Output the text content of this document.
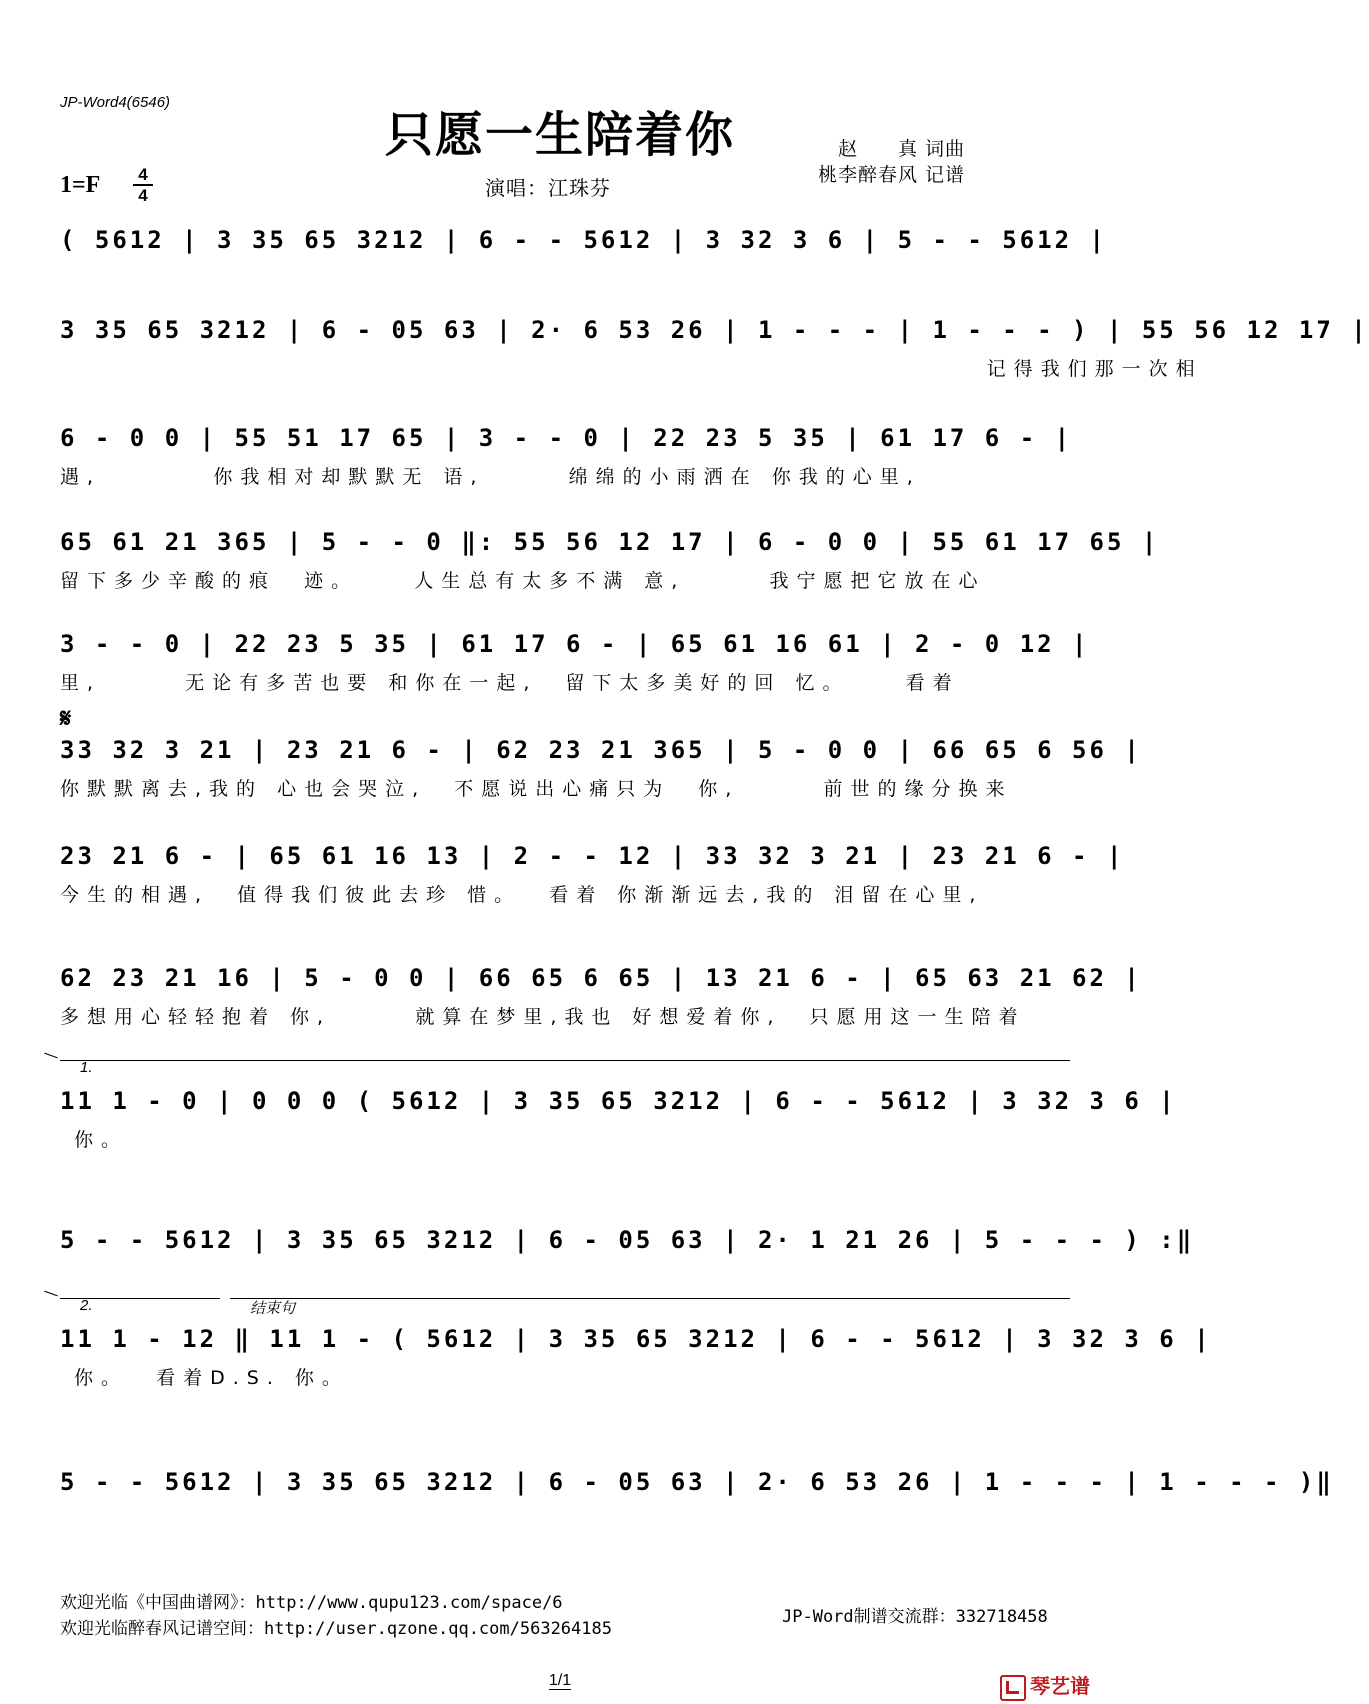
JP-Word4(6546)
只愿一生陪着你	赵　　真 词曲
桃李醉春风 记谱
1=F	4
4	演唱：江珠芬
( 5612 | 3 35 65 3212 | 6 - - 5612 | 3 32 3 6 | 5 - - 5612 |
3 35 65 3212 | 6 - 05 63 | 2· 6 53 26 | 1 - - - | 1 - - - ) | 55 56 12 17 |
记得我们那一次相
6 - 0 0 | 55 51 17 65 | 3 - - 0 | 22 23 5 35 | 61 17 6 - |
遇,        你我相对却默默无 语,      绵绵的小雨洒在 你我的心里,
65 61 21 365 | 5 - - 0 ‖: 55 56 12 17 | 6 - 0 0 | 55 61 17 65 |
留下多少辛酸的痕  迹。    人生总有太多不满 意,      我宁愿把它放在心
3 - - 0 | 22 23 5 35 | 61 17 6 - | 65 61 16 61 | 2 - 0 12 |
里,      无论有多苦也要 和你在一起,  留下太多美好的回 忆。    看着
𝄋
33 32 3 21 | 23 21 6 - | 62 23 21 365 | 5 - 0 0 | 66 65 6 56 |
你默默离去,我的 心也会哭泣,  不愿说出心痛只为  你,      前世的缘分换来
23 21 6 - | 65 61 16 13 | 2 - - 12 | 33 32 3 21 | 23 21 6 - |
今生的相遇,  值得我们彼此去珍 惜。  看着 你渐渐远去,我的 泪留在心里,
62 23 21 16 | 5 - 0 0 | 66 65 6 65 | 13 21 6 - | 65 63 21 62 |
多想用心轻轻抱着 你,      就算在梦里,我也 好想爱着你,  只愿用这一生陪着
1.
11 1 - 0 | 0 0 0 ( 5612 | 3 35 65 3212 | 6 - - 5612 | 3 32 3 6 |
你。
5 - - 5612 | 3 35 65 3212 | 6 - 05 63 | 2· 1 21 26 | 5 - - - ) :‖
2.	结束句
11 1 - 12 ‖ 11 1 - ( 5612 | 3 35 65 3212 | 6 - - 5612 | 3 32 3 6 |
你。  看着D.S. 你。
5 - - 5612 | 3 35 65 3212 | 6 - 05 63 | 2· 6 53 26 | 1 - - - | 1 - - - )‖
欢迎光临《中国曲谱网》：http://www.qupu123.com/space/6
欢迎光临醉春风记谱空间：http://user.qzone.qq.com/563264185
JP-Word制谱交流群：332718458
1/1	琴艺谱
